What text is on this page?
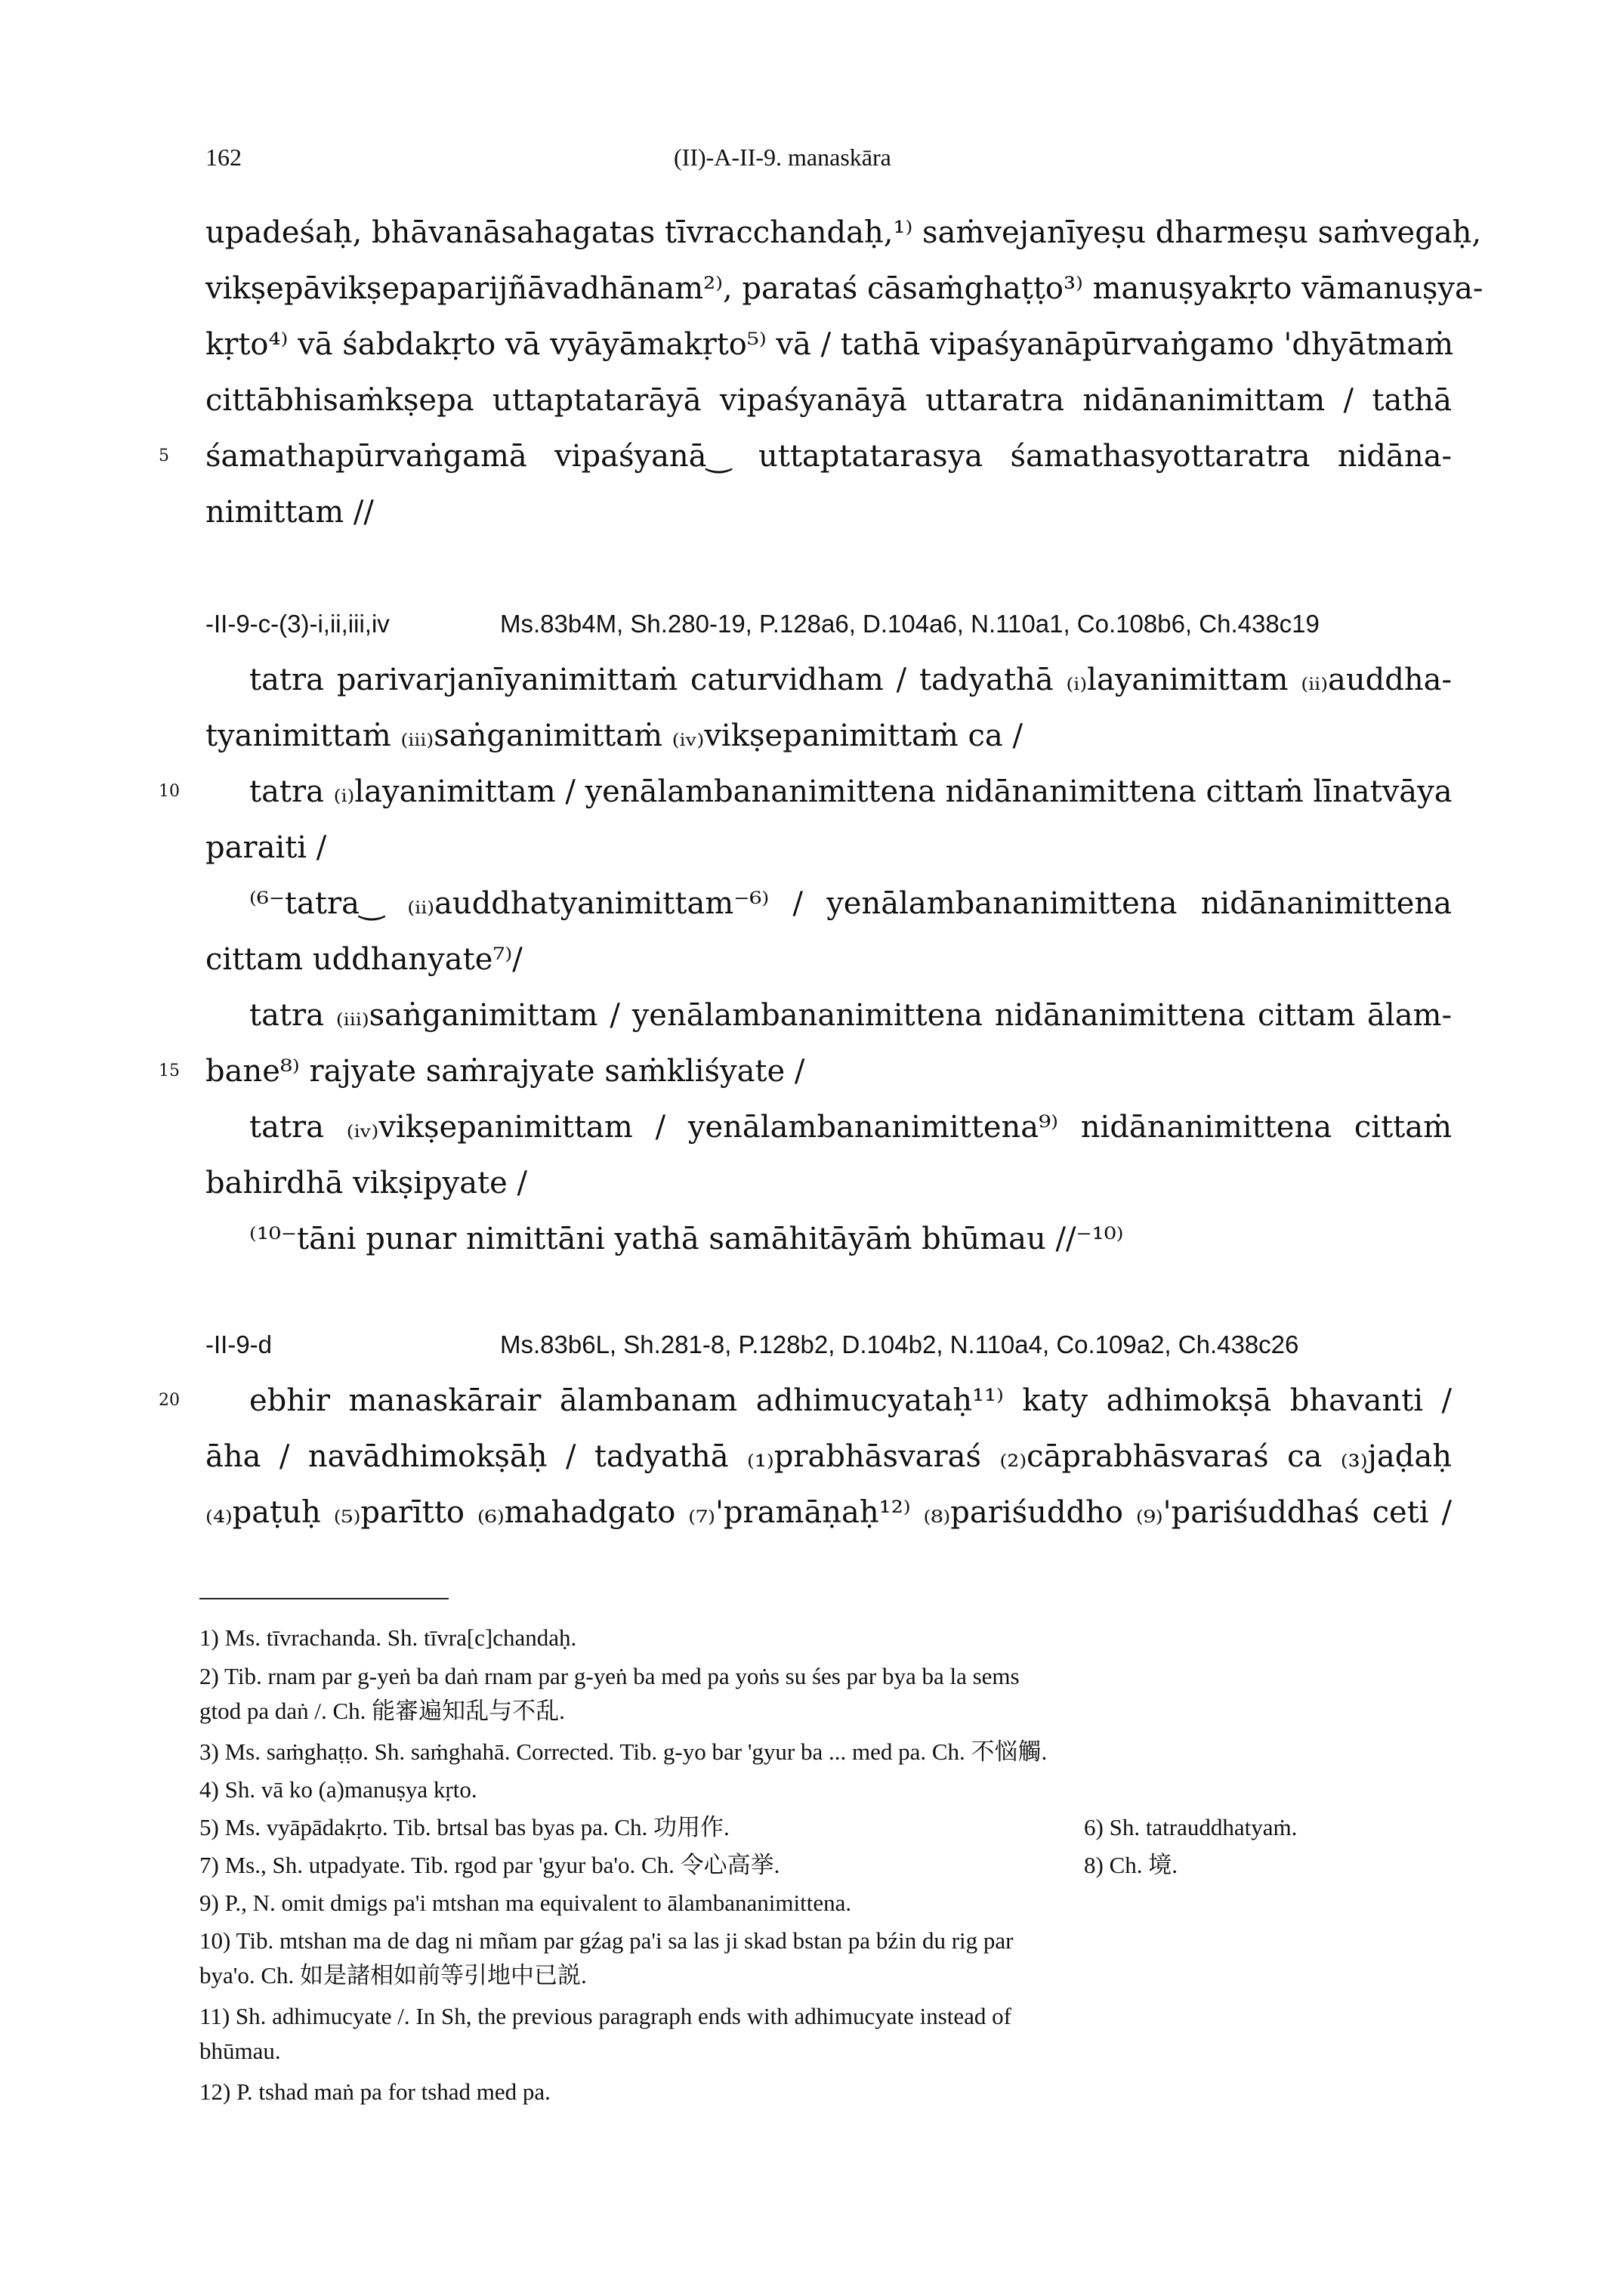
162	(II)-A-II-9. manaskāra
upadeśaḥ, bhāvanāsahagatas tīvracchandaḥ,¹⁾ saṁvejanīyeṣu dharmeṣu saṁvegaḥ,
vikṣepāvikṣepaparijñāvadhānam²⁾, parataś cāsaṁghaṭṭo³⁾ manuṣyakṛto vāmanuṣya-
kṛto⁴⁾ vā śabdakṛto vā vyāyāmakṛto⁵⁾ vā / tathā vipaśyanāpūrvaṅgamo 'dhyātmaṁ
cittābhisaṁkṣepa uttaptatarāyā vipaśyanāyā uttaratra nidānanimittam / tathā
5 śamathapūrvaṅgamā vipaśyanā‿ uttaptatarasya śamathasyottaratra nidāna-
nimittam //
-II-9-c-(3)-i,ii,iii,iv	Ms.83b4M, Sh.280-19, P.128a6, D.104a6, N.110a1, Co.108b6, Ch.438c19
tatra parivarjanīyanimittaṁ caturvidham / tadyathā ₍ᵢ₎layanimittam ₍ᵢᵢ₎auddha-
tyanimittaṁ ₍ᵢᵢᵢ₎saṅganimittaṁ ₍ᵢᵥ₎vikṣepanimittaṁ ca /
10 tatra ₍ᵢ₎layanimittam / yenālambananimittena nidānanimittena cittaṁ līnatvāya
paraiti /
⁽⁶⁻tatra‿ ₍ᵢᵢ₎auddhatyanimittam⁻⁶⁾ / yenālambananimittena nidānanimittena
cittam uddhanyate⁷⁾/
tatra ₍ᵢᵢᵢ₎saṅganimittam / yenālambananimittena nidānanimittena cittam ālam-
15 bane⁸⁾ rajyate saṁrajyate saṁkliśyate /
tatra ₍ᵢᵥ₎vikṣepanimittam / yenālambananimittena⁹⁾ nidānanimittena cittaṁ
bahirdhā vikṣipyate /
⁽¹⁰⁻tāni punar nimittāni yathā samāhitāyāṁ bhūmau //⁻¹⁰⁾
-II-9-d	Ms.83b6L, Sh.281-8, P.128b2, D.104b2, N.110a4, Co.109a2, Ch.438c26
20 ebhir manaskārair ālambanam adhimucyataḥ¹¹⁾ katy adhimokṣā bhavanti /
āha / navādhimokṣāḥ / tadyathā ₍₁₎prabhāsvaraś ₍₂₎cāprabhāsvaraś ca ₍₃₎jaḍaḥ
₍₄₎paṭuḥ ₍₅₎parītto ₍₆₎mahadgato ₍₇₎'pramāṇaḥ¹²⁾ ₍₈₎pariśuddho ₍₉₎'pariśuddhaś ceti /
1) Ms. tīvrachanda. Sh. tīvra[c]chandaḥ.
2) Tib. rnam par g-yeṅ ba daṅ rnam par g-yeṅ ba med pa yoṅs su śes par bya ba la sems
gtod pa daṅ /. Ch. 能審遍知乱与不乱.
3) Ms. saṁghaṭṭo. Sh. saṁghahā. Corrected. Tib. g-yo bar 'gyur ba ... med pa. Ch. 不悩觸.
4) Sh. vā ko (a)manuṣya kṛto.
5) Ms. vyāpādakṛto. Tib. brtsal bas byas pa. Ch. 功用作.	6) Sh. tatrauddhatyaṁ.
7) Ms., Sh. utpadyate. Tib. rgod par 'gyur ba'o. Ch. 令心高挙.	8) Ch. 境.
9) P., N. omit dmigs pa'i mtshan ma equivalent to ālambananimittena.
10) Tib. mtshan ma de dag ni mñam par gźag pa'i sa las ji skad bstan pa bźin du rig par
bya'o. Ch. 如是諸相如前等引地中已説.
11) Sh. adhimucyate /. In Sh, the previous paragraph ends with adhimucyate instead of
bhūmau.
12) P. tshad maṅ pa for tshad med pa.
